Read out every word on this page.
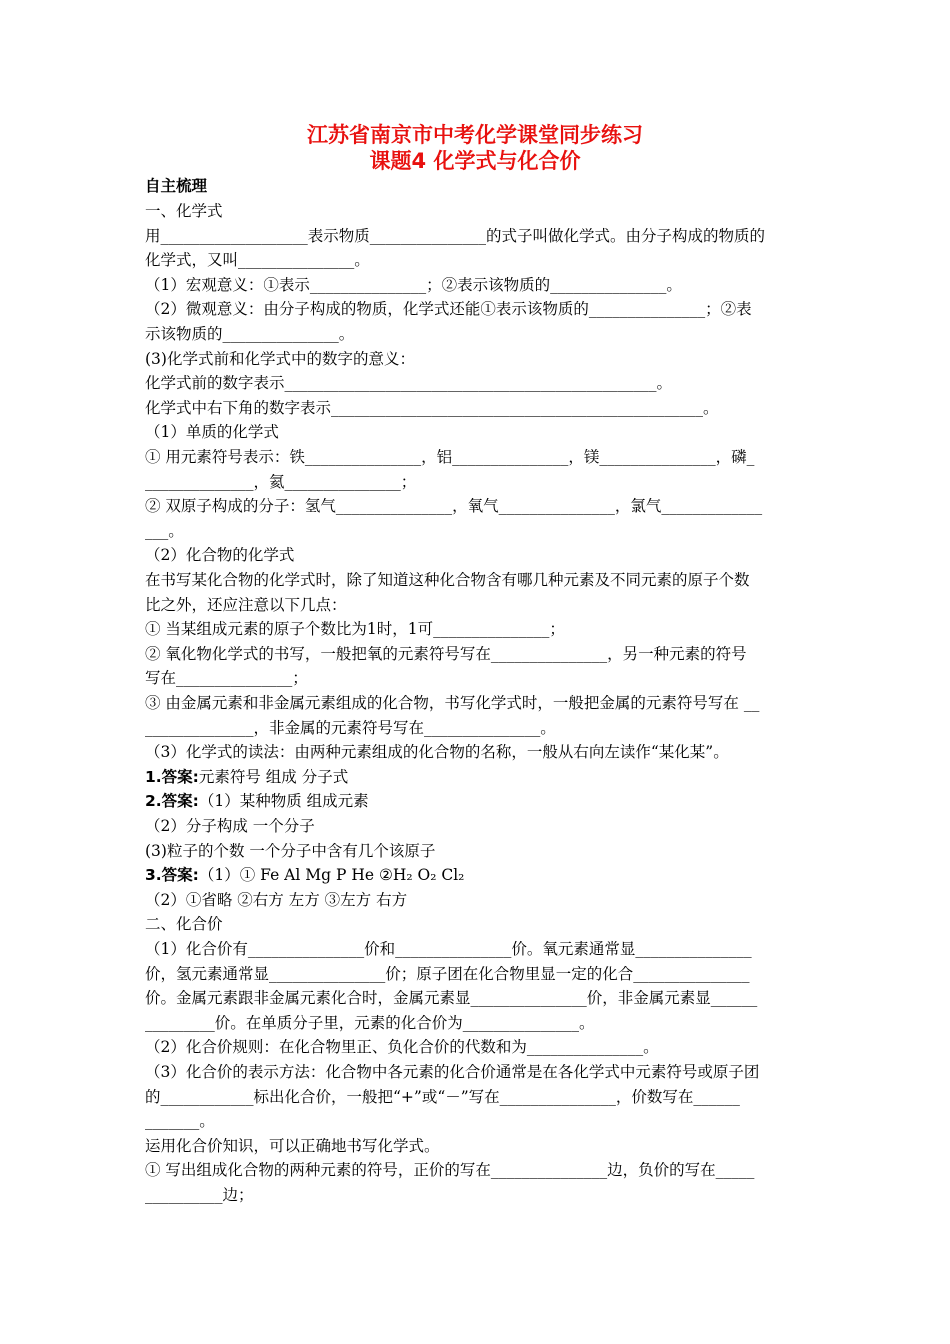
江苏省南京市中考化学课堂同步练习
课题4 化学式与化合价
自主梳理
一、化学式
用___________________表示物质_______________的式子叫做化学式。由分子构成的物质的
化学式，又叫_______________。
（1）宏观意义：①表示_______________；②表示该物质的_______________。
（2）微观意义：由分子构成的物质，化学式还能①表示该物质的_______________；②表
示该物质的_______________。
(3)化学式前和化学式中的数字的意义：
化学式前的数字表示________________________________________________。
化学式中右下角的数字表示________________________________________________。
（1）单质的化学式
① 用元素符号表示：铁_______________，铝_______________，镁_______________，磷_
______________，氦_______________；
② 双原子构成的分子：氢气_______________，氧气_______________，氯气_____________
___。
（2）化合物的化学式
在书写某化合物的化学式时，除了知道这种化合物含有哪几种元素及不同元素的原子个数
比之外，还应注意以下几点：
① 当某组成元素的原子个数比为1时，1可_______________；
② 氧化物化学式的书写，一般把氧的元素符号写在_______________，另一种元素的符号
写在_______________；
③ 由金属元素和非金属元素组成的化合物，书写化学式时，一般把金属的元素符号写在 __
______________，非金属的元素符号写在_______________。
（3）化学式的读法：由两种元素组成的化合物的名称，一般从右向左读作“某化某”。
1.答案:元素符号 组成 分子式
2.答案:（1）某种物质 组成元素
（2）分子构成 一个分子
(3)粒子的个数 一个分子中含有几个该原子
3.答案:（1）① Fe Al Mg P He ②H₂ O₂ Cl₂
（2）①省略 ②右方 左方 ③左方 右方
二、化合价
（1）化合价有_______________价和_______________价。氧元素通常显_______________
价，氢元素通常显_______________价；原子团在化合物里显一定的化合_______________
价。金属元素跟非金属元素化合时，金属元素显_______________价，非金属元素显______
_________价。在单质分子里，元素的化合价为_______________。
（2）化合价规则：在化合物里正、负化合价的代数和为_______________。
（3）化合价的表示方法：化合物中各元素的化合价通常是在各化学式中元素符号或原子团
的____________标出化合价，一般把“+”或“－”写在_______________，价数写在______
_______。
运用化合价知识，可以正确地书写化学式。
① 写出组成化合物的两种元素的符号，正价的写在_______________边，负价的写在_____
__________边；
